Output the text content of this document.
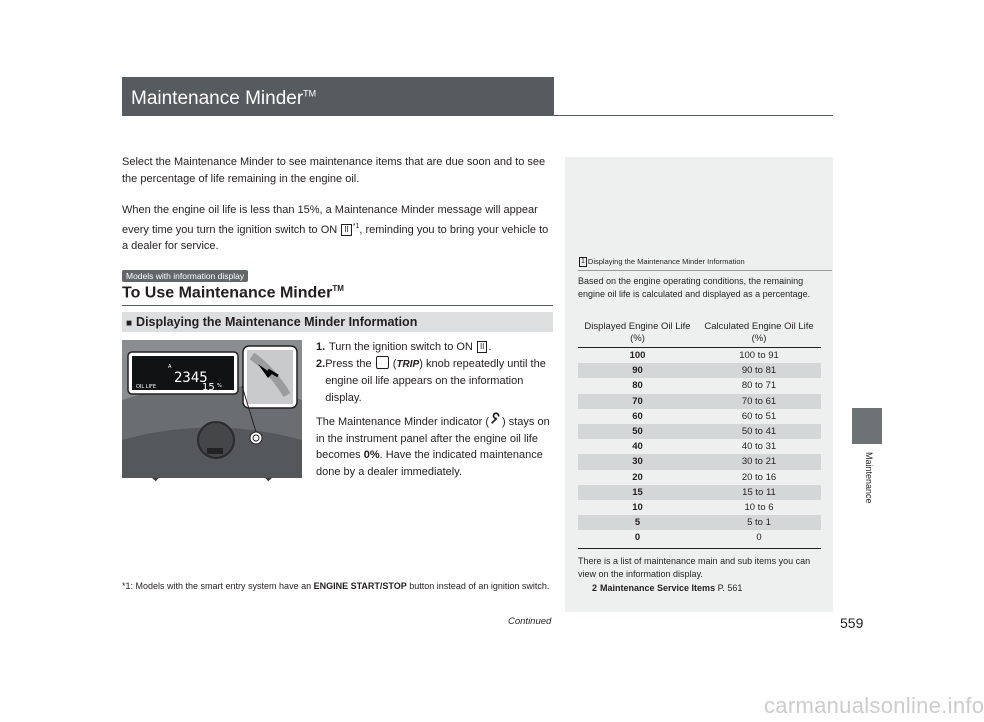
Maintenance Minder™
Maintenance
Select the Maintenance Minder to see maintenance items that are due soon and to see the percentage of life remaining in the engine oil.
When the engine oil life is less than 15%, a Maintenance Minder message will appear every time you turn the ignition switch to ON II $^{*1}$, reminding you to bring your vehicle to a dealer for service.
Models with information display
To Use Maintenance Minder™
■ Displaying the Maintenance Minder Information
A
2345
OIL LIFE	15 %
1. Turn the ignition switch to ON II .
2. Press the  (TRIP) knob repeatedly until the engine oil life appears on the information display.
The Maintenance Minder indicator ( ) stays on in the instrument panel after the engine oil life becomes 0%. Have the indicated maintenance done by a dealer immediately.
*1: Models with the smart entry system have an ENGINE START/STOP button instead of an ignition switch.
Continued	559
1 Displaying the Maintenance Minder Information
Based on the engine operating conditions, the remaining engine oil life is calculated and displayed as a percentage.
Displayed Engine Oil Life (%)	Calculated Engine Oil Life (%)
100	100 to 91
90	90 to 81
80	80 to 71
70	70 to 61
60	60 to 51
50	50 to 41
40	40 to 31
30	30 to 21
20	20 to 16
15	15 to 11
10	10 to 6
5	5 to 1
0	0
There is a list of maintenance main and sub items you can view on the information display.
2 Maintenance Service Items P. 561
carmanualsonline.info
